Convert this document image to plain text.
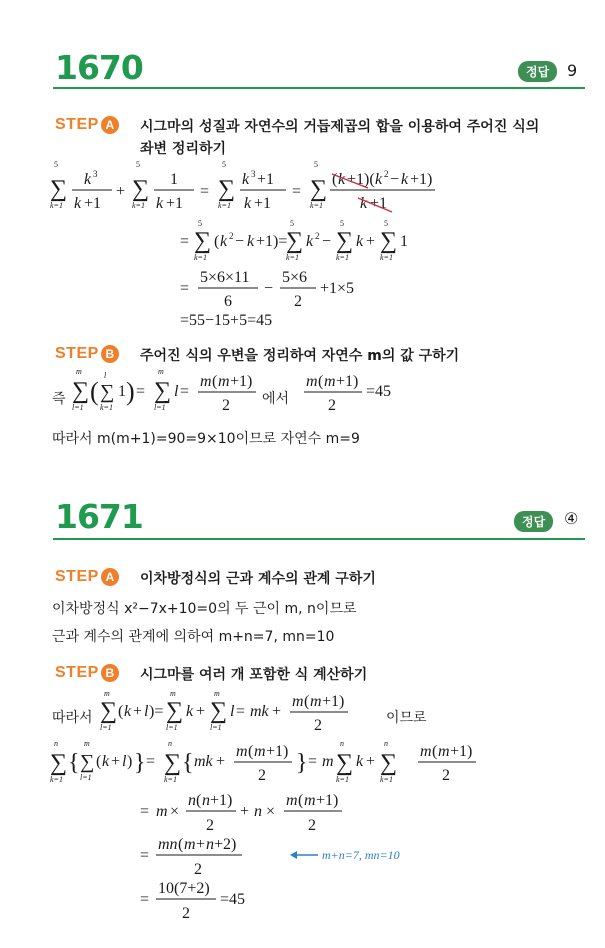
1670	정답	9
STEP A	시그마의 성질과 자연수의 거듭제곱의 합을 이용하여 주어진 식의
좌변 정리하기
5
∑
k=1
k 3
k +1
+
5
∑
k=1
1
k +1
=
5
∑
k=1
k 3 +1
k +1
=
5
∑
k=1
( k +1)( k 2 − k +1)
k +1
=
5
∑
k=1
( k 2 − k +1)=
5
∑
k=1
k 2 −
5
∑
k=1
k +
5
∑
k=1
1
=
5×6×11
6
−
5×6
2
+1×5
=55−15+5=45
STEP B	주어진 식의 우변을 정리하여 자연수 m의 값 구하기
즉
m
∑
l=1
(
l
∑
k=1
1 ) =
m
∑
l=1
l =
m ( m +1)
2
m ( m +1)
2
=45
에서
따라서 m(m+1)=90=9×10이므로 자연수 m=9
1671	정답	④
STEP A	이차방정식의 근과 계수의 관계 구하기
이차방정식 x²−7x+10=0의 두 근이 m, n이므로
근과 계수의 관계에 의하여 m+n=7, mn=10
STEP B	시그마를 여러 개 포함한 식 계산하기
따라서
m
∑
l=1
( k + l )=
m
∑
l=1
k +
m
∑
l=1
l = mk +
m ( m +1)
2	이므로
n
∑
k=1
{
m
∑
l=1
( k + l ) } =
n
∑
k=1
{ mk +
m ( m +1)
2 } = m
n
∑
k=1
k +
n
∑
k=1
m ( m +1)
2
= m ×
n ( n +1)
2
+ n ×
m ( m +1)
2
=
mn ( m + n +2)
2
m+n=7, mn=10
=
10(7+2)
2
=45
